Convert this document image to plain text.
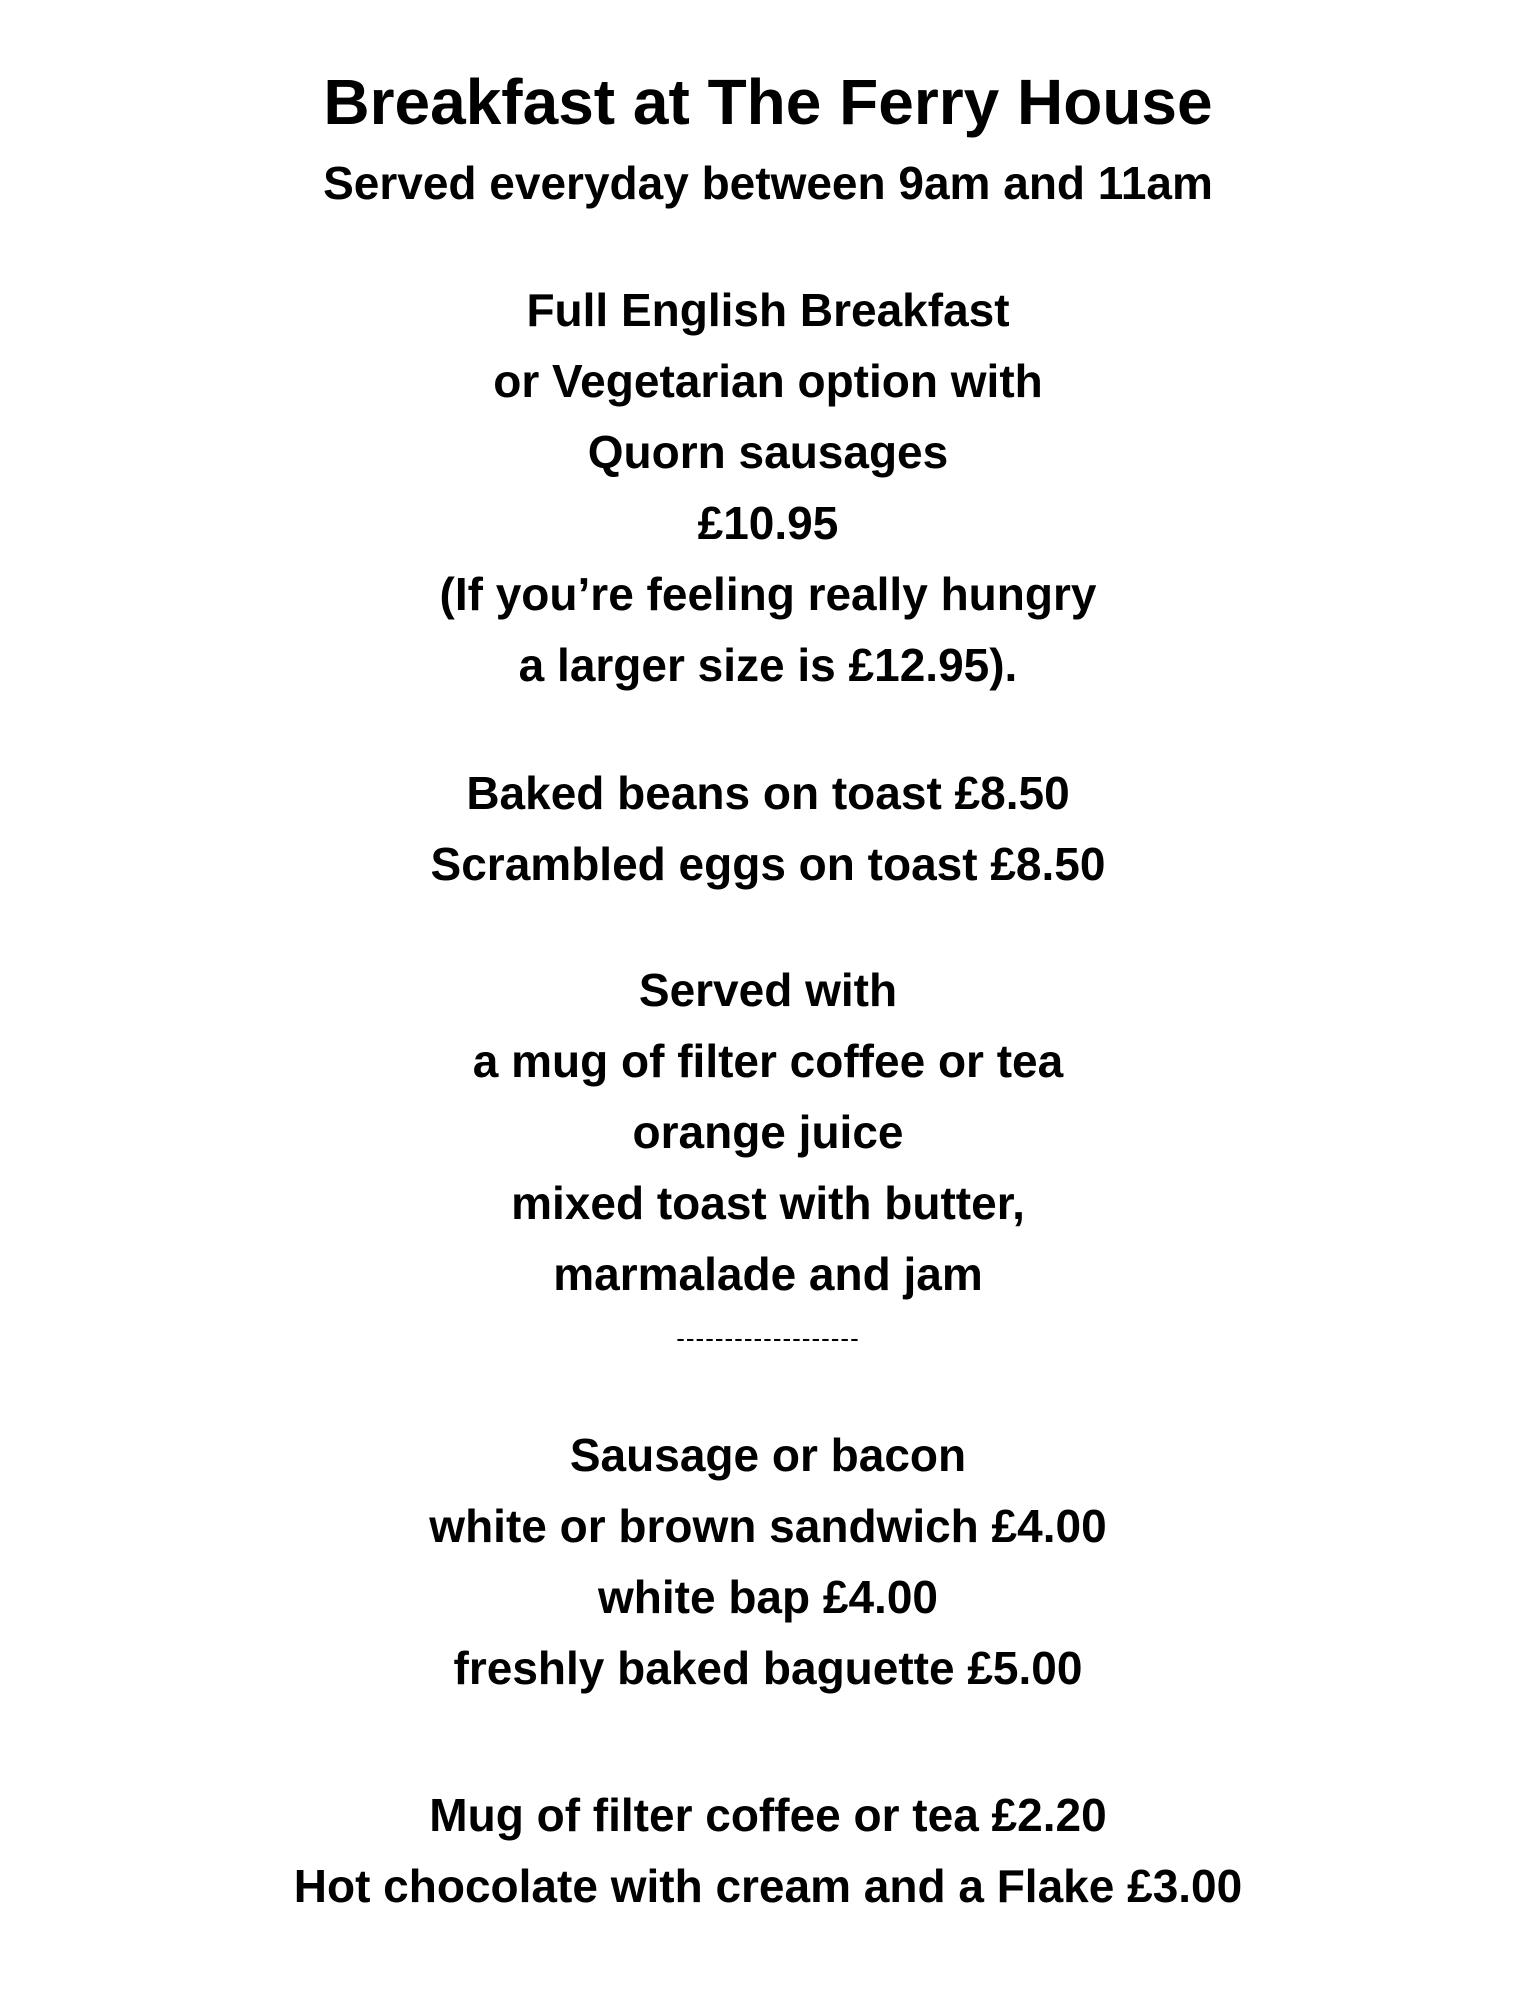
Breakfast at The Ferry House
Served everyday between 9am and 11am
Full English Breakfast
or Vegetarian option with
Quorn sausages
£10.95
(If you’re feeling really hungry
a larger size is £12.95).
Baked beans on toast £8.50
Scrambled eggs on toast £8.50
Served with
a mug of filter coffee or tea
orange juice
mixed toast with butter,
marmalade and jam
-------------------
Sausage or bacon
white or brown sandwich £4.00
white bap £4.00
freshly baked baguette £5.00
Mug of filter coffee or tea £2.20
Hot chocolate with cream and a Flake £3.00
